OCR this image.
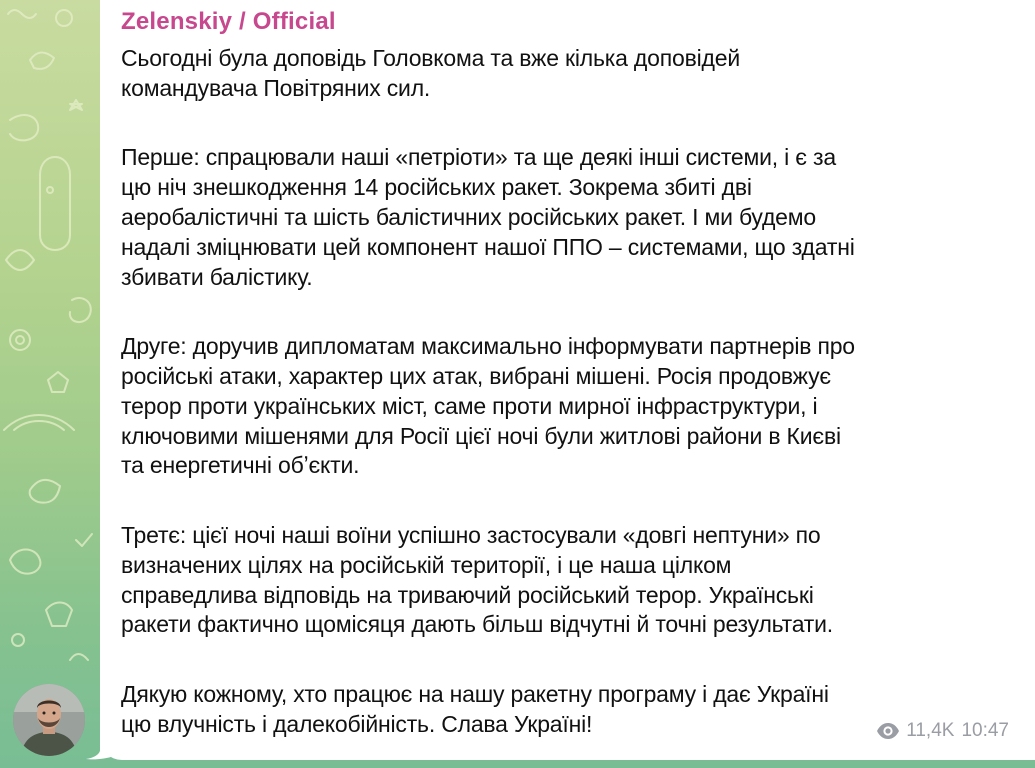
Zelenskiy / Official

Сьогодні була доповідь Головкома та вже кілька доповідей
командувача Повітряних сил.

Перше: спрацювали наші «петріоти» та ще деякі інші системи, і є за
цю ніч знешкодження 14 російських ракет. Зокрема збиті дві
аеробалістичні та шість балістичних російських ракет. І ми будемо
надалі зміцнювати цей компонент нашої ППО – системами, що здатні
збивати балістику.

Друге: доручив дипломатам максимально інформувати партнерів про
російські атаки, характер цих атак, вибрані мішені. Росія продовжує
терор проти українських міст, саме проти мирної інфраструктури, і
ключовими мішенями для Росії цієї ночі були житлові райони в Києві
та енергетичні обʼєкти.

Третє: цієї ночі наші воїни успішно застосували «довгі нептуни» по
визначених цілях на російській території, і це наша цілком
справедлива відповідь на триваючий російський терор. Українські
ракети фактично щомісяця дають більш відчутні й точні результати.

Дякую кожному, хто працює на нашу ракетну програму і дає Україні
цю влучність і далекобійність. Слава Україні!	11,4K 10:47
